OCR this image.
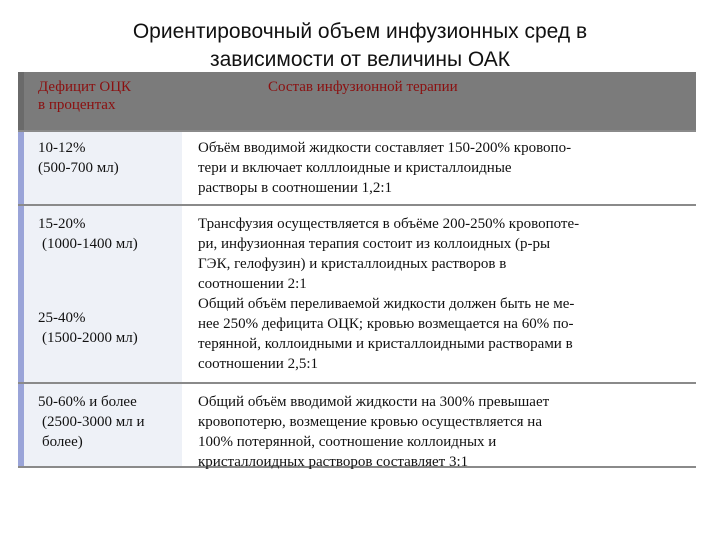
Ориентировочный объем инфузионных сред в
зависимости от величины ОАК
Дефицит ОЦК
в процентах
Состав инфузионной терапии
10-12%
(500-700 мл)
Объём вводимой жидкости составляет 150-200% кровопо-
тери и включает колллоидные и кристаллоидные
растворы в соотношении 1,2:1
15-20%
(1000-1400 мл)
25-40%
(1500-2000 мл)
Трансфузия осуществляется в объёме 200-250% кровопоте-
ри, инфузионная терапия состоит из коллоидных (р-ры
ГЭК, гелофузин) и кристаллоидных растворов в
соотношении 2:1
Общий объём переливаемой жидкости должен быть не ме-
нее 250% дефицита ОЦК; кровью возмещается на 60% по-
терянной, коллоидными и кристаллоидными растворами в
соотношении 2,5:1
50-60% и более
(2500-3000 мл и
более)
Общий объём вводимой жидкости на 300% превышает
кровопотерю, возмещение кровью осуществляется на
100% потерянной, соотношение коллоидных и
кристаллоидных растворов составляет 3:1
